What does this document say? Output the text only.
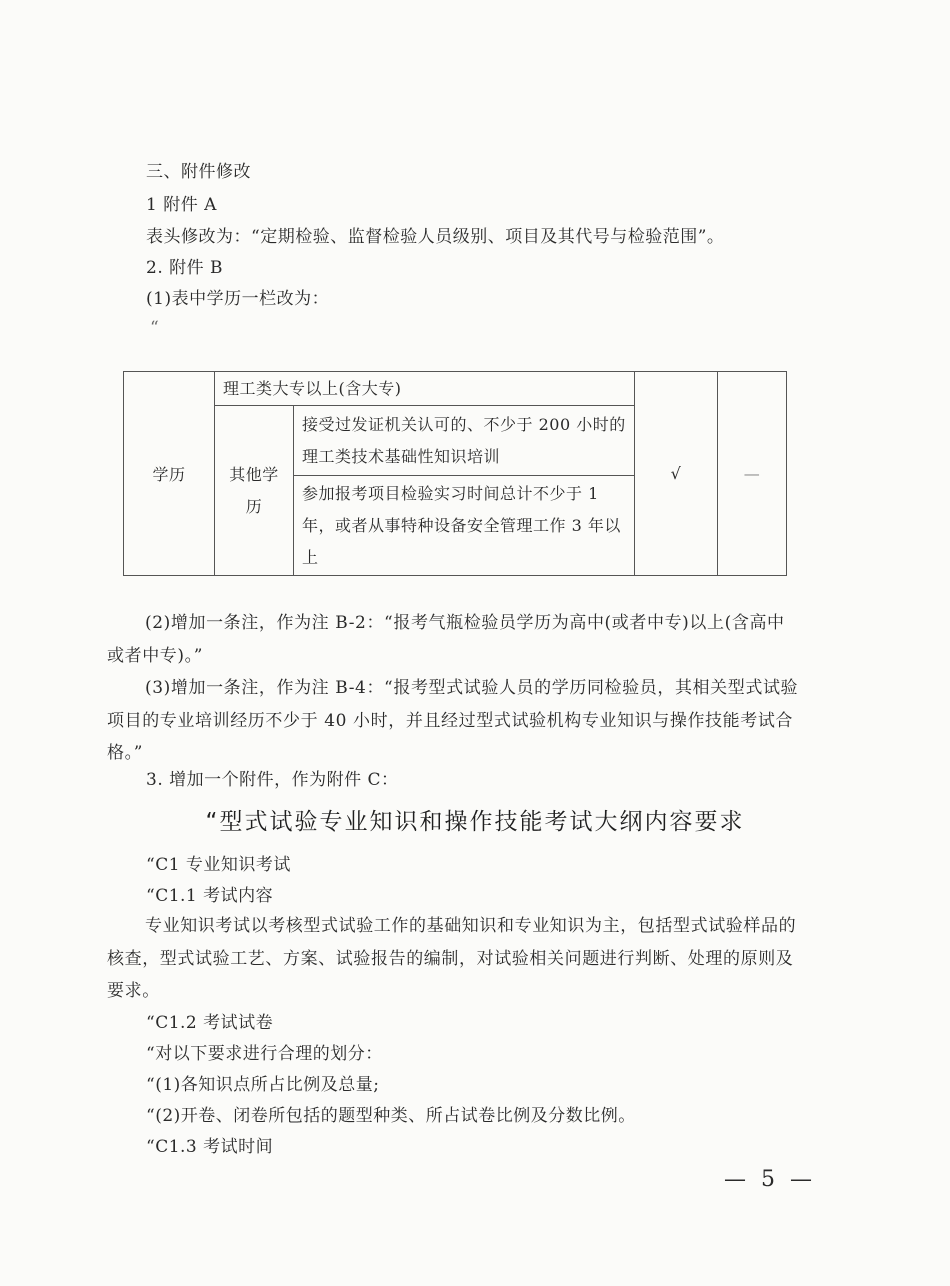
三、附件修改
1 附件 A
表头修改为：“定期检验、监督检验人员级别、项目及其代号与检验范围”。
2. 附件 B
(1)表中学历一栏改为：
“
学历	理工类大专以上(含大专)		√	—
	其他学历	接受过发证机关认可的、不少于 200 小时的理工类技术基础性知识培训		
		参加报考项目检验实习时间总计不少于 1 年，或者从事特种设备安全管理工作 3 年以上		
(2)增加一条注，作为注 B-2：“报考气瓶检验员学历为高中(或者中专)以上(含高中或者中专)。”
(3)增加一条注，作为注 B-4：“报考型式试验人员的学历同检验员，其相关型式试验项目的专业培训经历不少于 40 小时，并且经过型式试验机构专业知识与操作技能考试合格。”
3. 增加一个附件，作为附件 C：
“型式试验专业知识和操作技能考试大纲内容要求
“C1 专业知识考试
“C1.1 考试内容
专业知识考试以考核型式试验工作的基础知识和专业知识为主，包括型式试验样品的核查，型式试验工艺、方案、试验报告的编制，对试验相关问题进行判断、处理的原则及要求。
“C1.2 考试试卷
“对以下要求进行合理的划分：
“(1)各知识点所占比例及总量;
“(2)开卷、闭卷所包括的题型种类、所占试卷比例及分数比例。
“C1.3 考试时间
— 5 —
